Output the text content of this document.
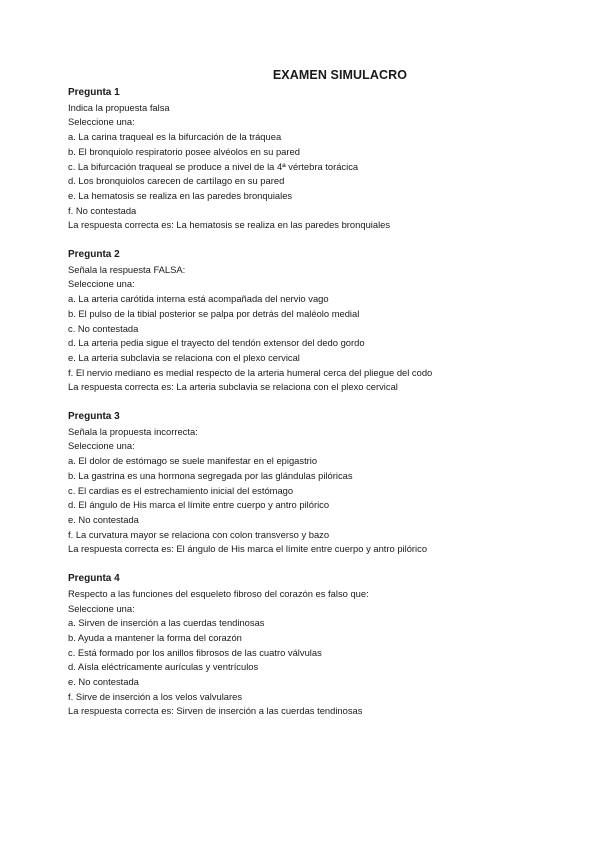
EXAMEN SIMULACRO
Pregunta 1
Indica la propuesta falsa
Seleccione una:
a. La carina traqueal es la bifurcación de la tráquea
b. El bronquiolo respiratorio posee alvéolos en su pared
c. La bifurcación traqueal se produce a nivel de la 4ª vértebra torácica
d. Los bronquiolos carecen de cartílago en su pared
e. La hematosis se realiza en las paredes bronquiales
f. No contestada
La respuesta correcta es: La hematosis se realiza en las paredes bronquiales
Pregunta 2
Señala la respuesta FALSA:
Seleccione una:
a. La arteria carótida interna está acompañada del nervio vago
b. El pulso de la tibial posterior se palpa por detrás del maléolo medial
c. No contestada
d. La arteria pedia sigue el trayecto del tendón extensor del dedo gordo
e. La arteria subclavia se relaciona con el plexo cervical
f. El nervio mediano es medial respecto de la arteria humeral cerca del pliegue del codo
La respuesta correcta es: La arteria subclavia se relaciona con el plexo cervical
Pregunta 3
Señala la propuesta incorrecta:
Seleccione una:
a. El dolor de estómago se suele manifestar en el epigastrio
b. La gastrina es una hormona segregada por las glándulas pilóricas
c. El cardias es el estrechamiento inicial del estómago
d. El ángulo de His marca el límite entre cuerpo y antro pilórico
e. No contestada
f. La curvatura mayor se relaciona con colon transverso y bazo
La respuesta correcta es: El ángulo de His marca el límite entre cuerpo y antro pilórico
Pregunta 4
Respecto a las funciones del esqueleto fibroso del corazón es falso que:
Seleccione una:
a. Sirven de inserción a las cuerdas tendinosas
b. Ayuda a mantener la forma del corazón
c. Está formado por los anillos fibrosos de las cuatro válvulas
d. Aísla eléctricamente aurículas y ventrículos
e. No contestada
f. Sirve de inserción a los velos valvulares
La respuesta correcta es: Sirven de inserción a las cuerdas tendinosas
